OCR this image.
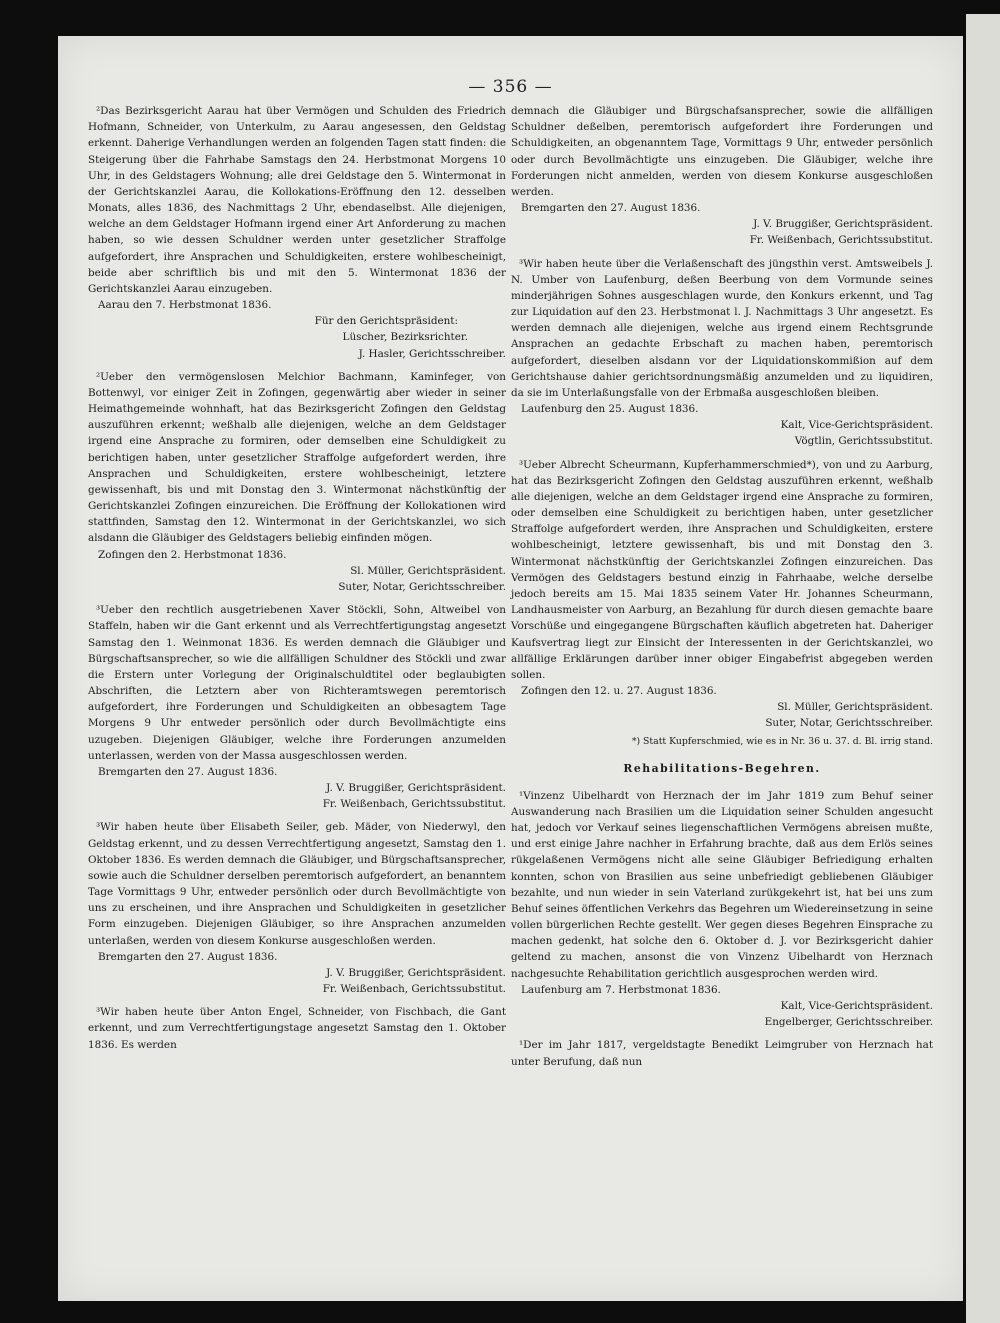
— 356 —

²Das Bezirksgericht Aarau hat über Vermögen und Schulden des Friedrich Hofmann, Schneider, von Unterkulm, zu Aarau angesessen, den Geldstag erkennt. Daherige Verhandlungen werden an folgenden Tagen statt finden: die Steigerung über die Fahrhabe Samstags den 24. Herbstmonat Morgens 10 Uhr, in des Geldstagers Wohnung; alle drei Geldstage den 5. Wintermonat in der Gerichtskanzlei Aarau, die Kollokations-Eröffnung den 12. desselben Monats, alles 1836, des Nachmittags 2 Uhr, ebendaselbst. Alle diejenigen, welche an dem Geldstager Hofmann irgend einer Art Anforderung zu machen haben, so wie dessen Schuldner werden unter gesetzlicher Straffolge aufgefordert, ihre Ansprachen und Schuldigkeiten, erstere wohlbescheinigt, beide aber schriftlich bis und mit den 5. Wintermonat 1836 der Gerichtskanzlei Aarau einzugeben.

Aarau den 7. Herbstmonat 1836.

Für den Gerichtspräsident:

Lüscher, Bezirksrichter.

J. Hasler, Gerichtsschreiber.

²Ueber den vermögenslosen Melchior Bachmann, Kaminfeger, von Bottenwyl, vor einiger Zeit in Zofingen, gegenwärtig aber wieder in seiner Heimathgemeinde wohnhaft, hat das Bezirksgericht Zofingen den Geldstag auszuführen erkennt; weßhalb alle diejenigen, welche an dem Geldstager irgend eine Ansprache zu formiren, oder demselben eine Schuldigkeit zu berichtigen haben, unter gesetzlicher Straffolge aufgefordert werden, ihre Ansprachen und Schuldigkeiten, erstere wohlbescheinigt, letztere gewissenhaft, bis und mit Donstag den 3. Wintermonat nächstkünftig der Gerichtskanzlei Zofingen einzureichen. Die Eröffnung der Kollokationen wird stattfinden, Samstag den 12. Wintermonat in der Gerichtskanzlei, wo sich alsdann die Gläubiger des Geldstagers beliebig einfinden mögen.

Zofingen den 2. Herbstmonat 1836.

Sl. Müller, Gerichtspräsident.

Suter, Notar, Gerichtsschreiber.

³Ueber den rechtlich ausgetriebenen Xaver Stöckli, Sohn, Altweibel von Staffeln, haben wir die Gant erkennt und als Verrechtfertigungstag angesetzt Samstag den 1. Weinmonat 1836. Es werden demnach die Gläubiger und Bürgschaftsansprecher, so wie die allfälligen Schuldner des Stöckli und zwar die Erstern unter Vorlegung der Originalschuldtitel oder beglaubigten Abschriften, die Letztern aber von Richteramtswegen peremtorisch aufgefordert, ihre Forderungen und Schuldigkeiten an obbesagtem Tage Morgens 9 Uhr entweder persönlich oder durch Bevollmächtigte eins uzugeben. Diejenigen Gläubiger, welche ihre Forderungen anzumelden unterlassen, werden von der Massa ausgeschlossen werden.

Bremgarten den 27. August 1836.

J. V. Bruggißer, Gerichtspräsident.

Fr. Weißenbach, Gerichtssubstitut.

³Wir haben heute über Elisabeth Seiler, geb. Mäder, von Niederwyl, den Geldstag erkennt, und zu dessen Verrechtfertigung angesetzt, Samstag den 1. Oktober 1836. Es werden demnach die Gläubiger, und Bürgschaftsansprecher, sowie auch die Schuldner derselben peremtorisch aufgefordert, an benanntem Tage Vormittags 9 Uhr, entweder persönlich oder durch Bevollmächtigte von uns zu erscheinen, und ihre Ansprachen und Schuldigkeiten in gesetzlicher Form einzugeben. Diejenigen Gläubiger, so ihre Ansprachen anzumelden unterlaßen, werden von diesem Konkurse ausgeschloßen werden.

Bremgarten den 27. August 1836.

J. V. Bruggißer, Gerichtspräsident.

Fr. Weißenbach, Gerichtssubstitut.

³Wir haben heute über Anton Engel, Schneider, von Fischbach, die Gant erkennt, und zum Verrechtfertigungstage angesetzt Samstag den 1. Oktober 1836. Es werden

demnach die Gläubiger und Bürgschafsansprecher, sowie die allfälligen Schuldner deßelben, peremtorisch aufgefordert ihre Forderungen und Schuldigkeiten, an obgenanntem Tage, Vormittags 9 Uhr, entweder persönlich oder durch Bevollmächtigte uns einzugeben. Die Gläubiger, welche ihre Forderungen nicht anmelden, werden von diesem Konkurse ausgeschloßen werden.

Bremgarten den 27. August 1836.

J. V. Bruggißer, Gerichtspräsident.

Fr. Weißenbach, Gerichtssubstitut.

³Wir haben heute über die Verlaßenschaft des jüngsthin verst. Amtsweibels J. N. Umber von Laufenburg, deßen Beerbung von dem Vormunde seines minderjährigen Sohnes ausgeschlagen wurde, den Konkurs erkennt, und Tag zur Liquidation auf den 23. Herbstmonat l. J. Nachmittags 3 Uhr angesetzt. Es werden demnach alle diejenigen, welche aus irgend einem Rechtsgrunde Ansprachen an gedachte Erbschaft zu machen haben, peremtorisch aufgefordert, dieselben alsdann vor der Liquidationskommißion auf dem Gerichtshause dahier gerichtsordnungsmäßig anzumelden und zu liquidiren, da sie im Unterlaßungsfalle von der Erbmaßa ausgeschloßen bleiben.

Laufenburg den 25. August 1836.

Kalt, Vice-Gerichtspräsident.

Vögtlin, Gerichtssubstitut.

³Ueber Albrecht Scheurmann, Kupferhammerschmied*), von und zu Aarburg, hat das Bezirksgericht Zofingen den Geldstag auszuführen erkennt, weßhalb alle diejenigen, welche an dem Geldstager irgend eine Ansprache zu formiren, oder demselben eine Schuldigkeit zu berichtigen haben, unter gesetzlicher Straffolge aufgefordert werden, ihre Ansprachen und Schuldigkeiten, erstere wohlbescheinigt, letztere gewissenhaft, bis und mit Donstag den 3. Wintermonat nächstkünftig der Gerichtskanzlei Zofingen einzureichen. Das Vermögen des Geldstagers bestund einzig in Fahrhaabe, welche derselbe jedoch bereits am 15. Mai 1835 seinem Vater Hr. Johannes Scheurmann, Landhausmeister von Aarburg, an Bezahlung für durch diesen gemachte baare Vorschüße und eingegangene Bürgschaften käuflich abgetreten hat. Daheriger Kaufsvertrag liegt zur Einsicht der Interessenten in der Gerichtskanzlei, wo allfällige Erklärungen darüber inner obiger Eingabefrist abgegeben werden sollen.

Zofingen den 12. u. 27. August 1836.

Sl. Müller, Gerichtspräsident.

Suter, Notar, Gerichtsschreiber.

*) Statt Kupferschmied, wie es in Nr. 36 u. 37. d. Bl. irrig stand.

Rehabilitations-Begehren.

¹Vinzenz Uibelhardt von Herznach der im Jahr 1819 zum Behuf seiner Auswanderung nach Brasilien um die Liquidation seiner Schulden angesucht hat, jedoch vor Verkauf seines liegenschaftlichen Vermögens abreisen mußte, und erst einige Jahre nachher in Erfahrung brachte, daß aus dem Erlös seines rükgelaßenen Vermögens nicht alle seine Gläubiger Befriedigung erhalten konnten, schon von Brasilien aus seine unbefriedigt gebliebenen Gläubiger bezahlte, und nun wieder in sein Vaterland zurükgekehrt ist, hat bei uns zum Behuf seines öffentlichen Verkehrs das Begehren um Wiedereinsetzung in seine vollen bürgerlichen Rechte gestellt. Wer gegen dieses Begehren Einsprache zu machen gedenkt, hat solche den 6. Oktober d. J. vor Bezirksgericht dahier geltend zu machen, ansonst die von Vinzenz Uibelhardt von Herznach nachgesuchte Rehabilitation gerichtlich ausgesprochen werden wird.

Laufenburg am 7. Herbstmonat 1836.

Kalt, Vice-Gerichtspräsident.

Engelberger, Gerichtsschreiber.

¹Der im Jahr 1817, vergeldstagte Benedikt Leimgruber von Herznach hat unter Berufung, daß nun
